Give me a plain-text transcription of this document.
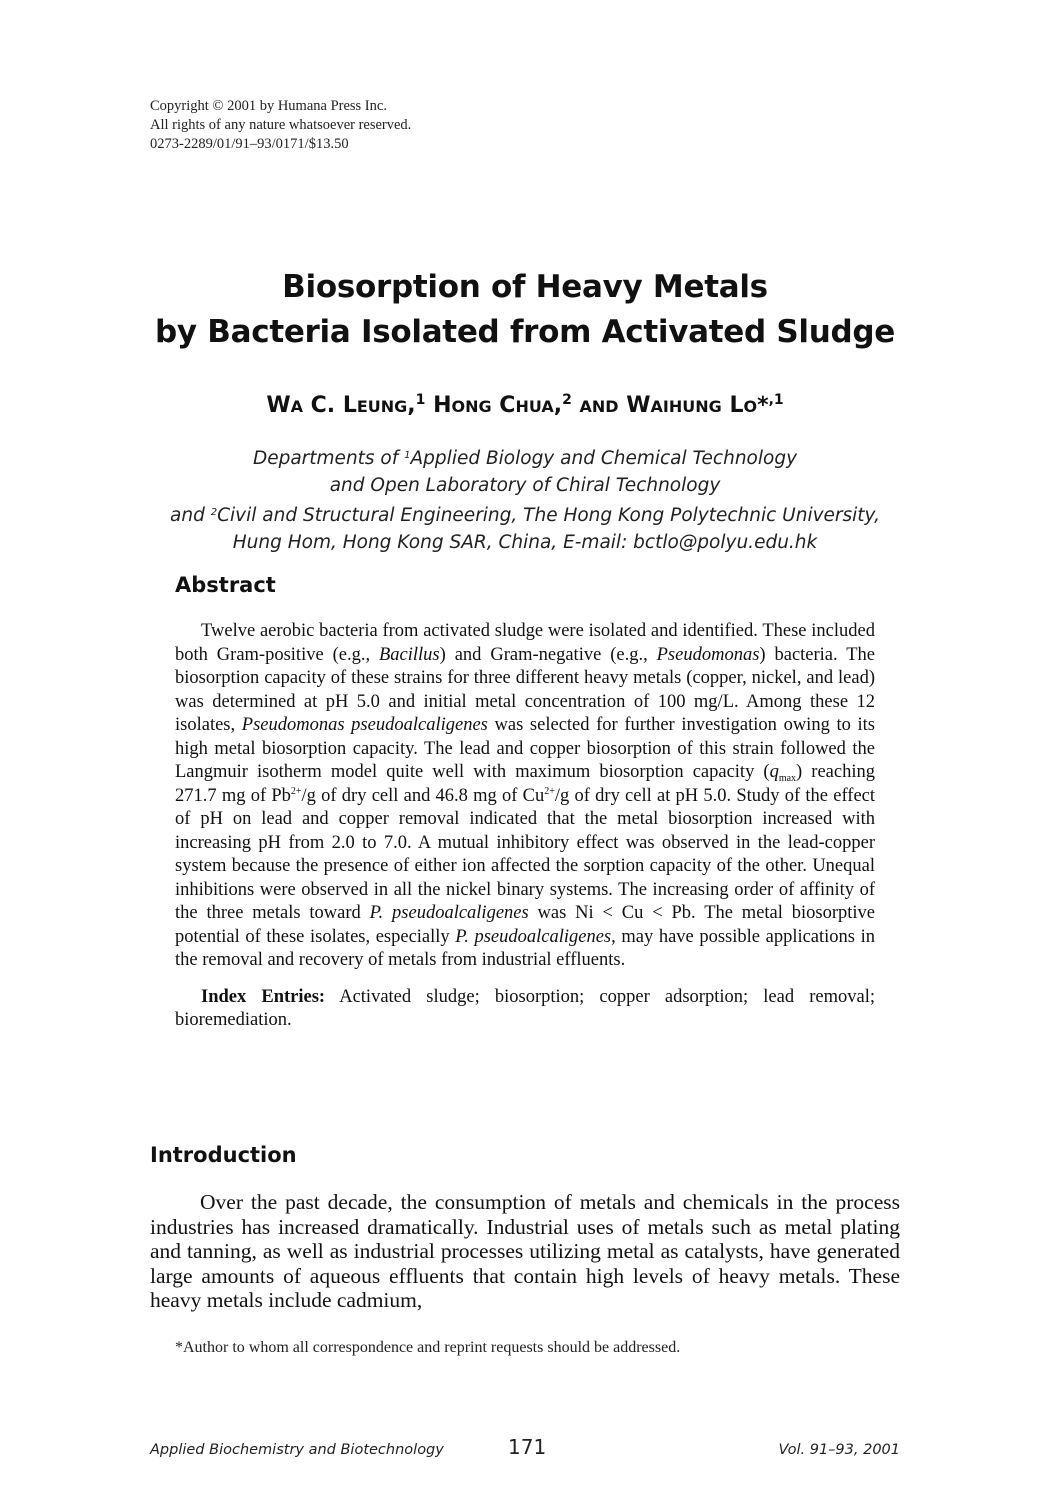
Copyright © 2001 by Humana Press Inc.
All rights of any nature whatsoever reserved.
0273-2289/01/91–93/0171/$13.50
Biosorption of Heavy Metals
by Bacteria Isolated from Activated Sludge
WA C. LEUNG,$^1$ HONG CHUA,$^2$ AND WAIHUNG LO*$^{,1}$
Departments of $^1$Applied Biology and Chemical Technology
and Open Laboratory of Chiral Technology
and $^2$Civil and Structural Engineering, The Hong Kong Polytechnic University,
Hung Hom, Hong Kong SAR, China, E-mail: bctlo@polyu.edu.hk
Abstract

Twelve aerobic bacteria from activated sludge were isolated and identified. These included both Gram-positive (e.g., Bacillus) and Gram-negative (e.g., Pseudomonas) bacteria. The biosorption capacity of these strains for three different heavy metals (copper, nickel, and lead) was determined at pH 5.0 and initial metal concentration of 100 mg/L. Among these 12 isolates, Pseudomonas pseudoalcaligenes was selected for further investigation owing to its high metal biosorption capacity. The lead and copper biosorption of this strain followed the Langmuir isotherm model quite well with maximum biosorption capacity $(q_{max})$ reaching 271.7 mg of $Pb^{2+}/g$ of dry cell and 46.8 mg of $Cu^{2+}/g$ of dry cell at pH 5.0. Study of the effect of pH on lead and copper removal indicated that the metal biosorption increased with increasing pH from 2.0 to 7.0. A mutual inhibitory effect was observed in the lead-copper system because the presence of either ion affected the sorption capacity of the other. Unequal inhibitions were observed in all the nickel binary systems. The increasing order of affinity of the three metals toward P. pseudoalcaligenes was Ni < Cu < Pb. The metal biosorptive potential of these isolates, especially P. pseudoalcaligenes, may have possible applications in the removal and recovery of metals from industrial effluents.

Index Entries: Activated sludge; biosorption; copper adsorption; lead removal; bioremediation.

Introduction

Over the past decade, the consumption of metals and chemicals in the process industries has increased dramatically. Industrial uses of metals such as metal plating and tanning, as well as industrial processes utilizing metal as catalysts, have generated large amounts of aqueous effluents that contain high levels of heavy metals. These heavy metals include cadmium,

*Author to whom all correspondence and reprint requests should be addressed.
Applied Biochemistry and Biotechnology	171	Vol. 91–93, 2001
